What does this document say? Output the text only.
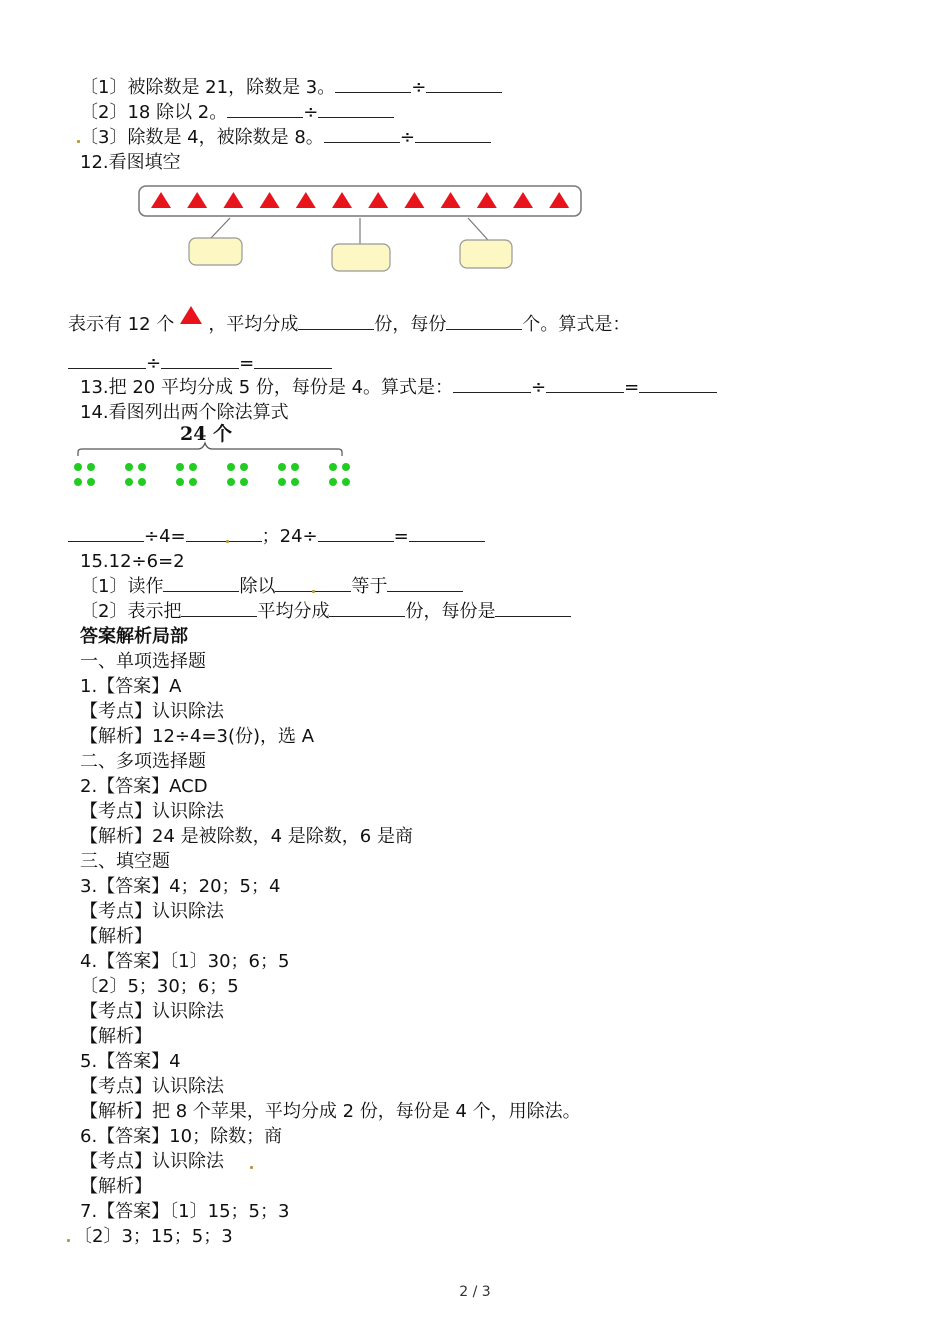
〔1〕被除数是 21，除数是 3。	÷
〔2〕18 除以 2。	÷
〔3〕除数是 4，被除数是 8。	÷
12.看图填空
表示有 12 个 ，平均分成	份，每份	个。算式是：
÷	=
13.把 20 平均分成 5 份，每份是 4。算式是：	÷	=
14.看图列出两个除法算式
24 个
÷4=	；24÷	=
15.12÷6=2
〔1〕读作	除以	等于
〔2〕表示把	平均分成	份，每份是
答案解析局部
一、单项选择题
1.【答案】A
【考点】认识除法
【解析】12÷4=3(份)，选 A
二、多项选择题
2.【答案】ACD
【考点】认识除法
【解析】24 是被除数，4 是除数，6 是商
三、填空题
3.【答案】4；20；5；4
【考点】认识除法
【解析】
4.【答案】〔1〕30；6；5
〔2〕5；30；6；5
【考点】认识除法
【解析】
5.【答案】4
【考点】认识除法
【解析】把 8 个苹果，平均分成 2 份，每份是 4 个，用除法。
6.【答案】10；除数；商
【考点】认识除法
【解析】
7.【答案】〔1〕15；5；3
〔2〕3；15；5；3
2 / 3
